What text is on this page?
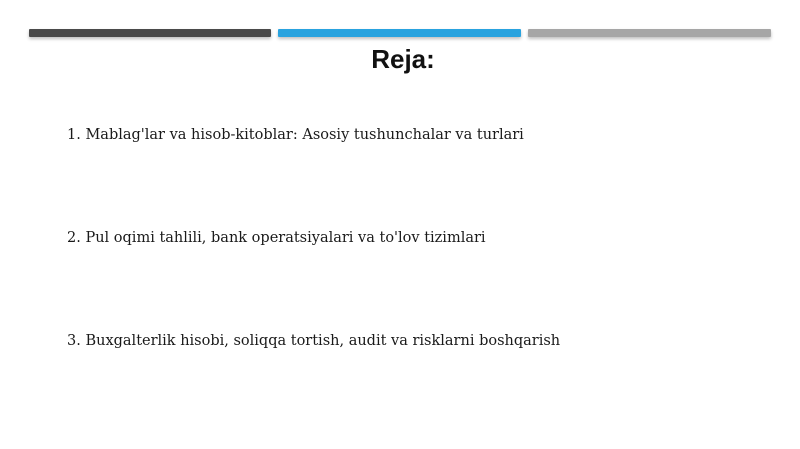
Reja:
1. Mablag'lar va hisob-kitoblar: Asosiy tushunchalar va turlari
2. Pul oqimi tahlili, bank operatsiyalari va to'lov tizimlari
3. Buxgalterlik hisobi, soliqqa tortish, audit va risklarni boshqarish
